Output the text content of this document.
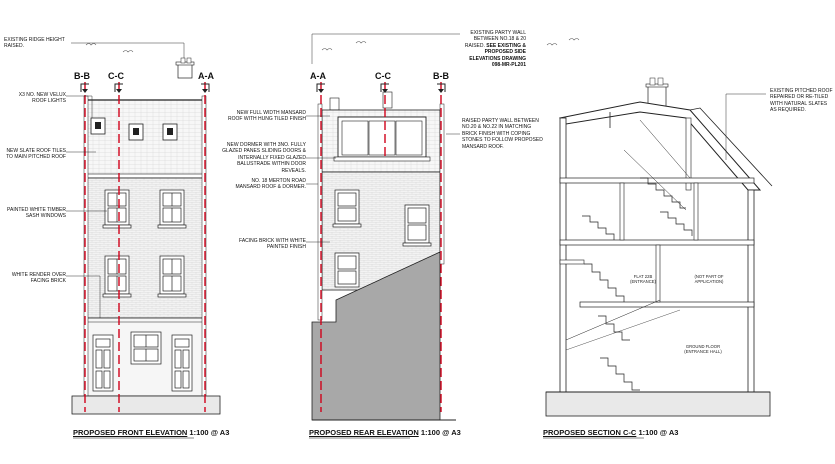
B-B C-C	A-A
EXISTING RIDGE HEIGHT RAISED.
X3 NO. NEW VELUX ROOF LIGHTS
NEW SLATE ROOF TILES TO MAIN PITCHED ROOF
PAINTED WHITE TIMBER SASH WINDOWS
WHITE RENDER OVER FACING BRICK
PROPOSED FRONT ELEVATION 1:100 @ A3
A-A	C-C	B-B
EXISTING PARTY WALL BETWEEN NO.18 & 20 RAISED. SEE EXISTING & PROPOSED SIDE ELEVATIONS DRAWING 098-MR-PL201
NEW FULL WIDTH MANSARD ROOF WITH HUNG TILED FINISH
NEW DORMER WITH 3NO. FULLY GLAZED PANES SLIDING DOORS & INTERNALLY FIXED GLAZED BALUSTRADE WITHIN DOOR REVEALS.
NO. 18 MERTON ROAD MANSARD ROOF & DORMER.
FACING BRICK WITH WHITE PAINTED FINISH
RAISED PARTY WALL BETWEEN NO.20 & NO.22 IN MATCHING BRICK FINISH WITH COPING STONES TO FOLLOW PROPOSED MANSARD ROOF.
PROPOSED REAR ELEVATION 1:100 @ A3
EXISTING PITCHED ROOF REPAIRED OR RE-TILED WITH NATURAL SLATES AS REQUIRED.
FLAT 22B (ENTRANCE)
(NOT PART OF APPLICATION)
GROUND FLOOR (ENTRANCE HALL)
PROPOSED SECTION C-C 1:100 @ A3
